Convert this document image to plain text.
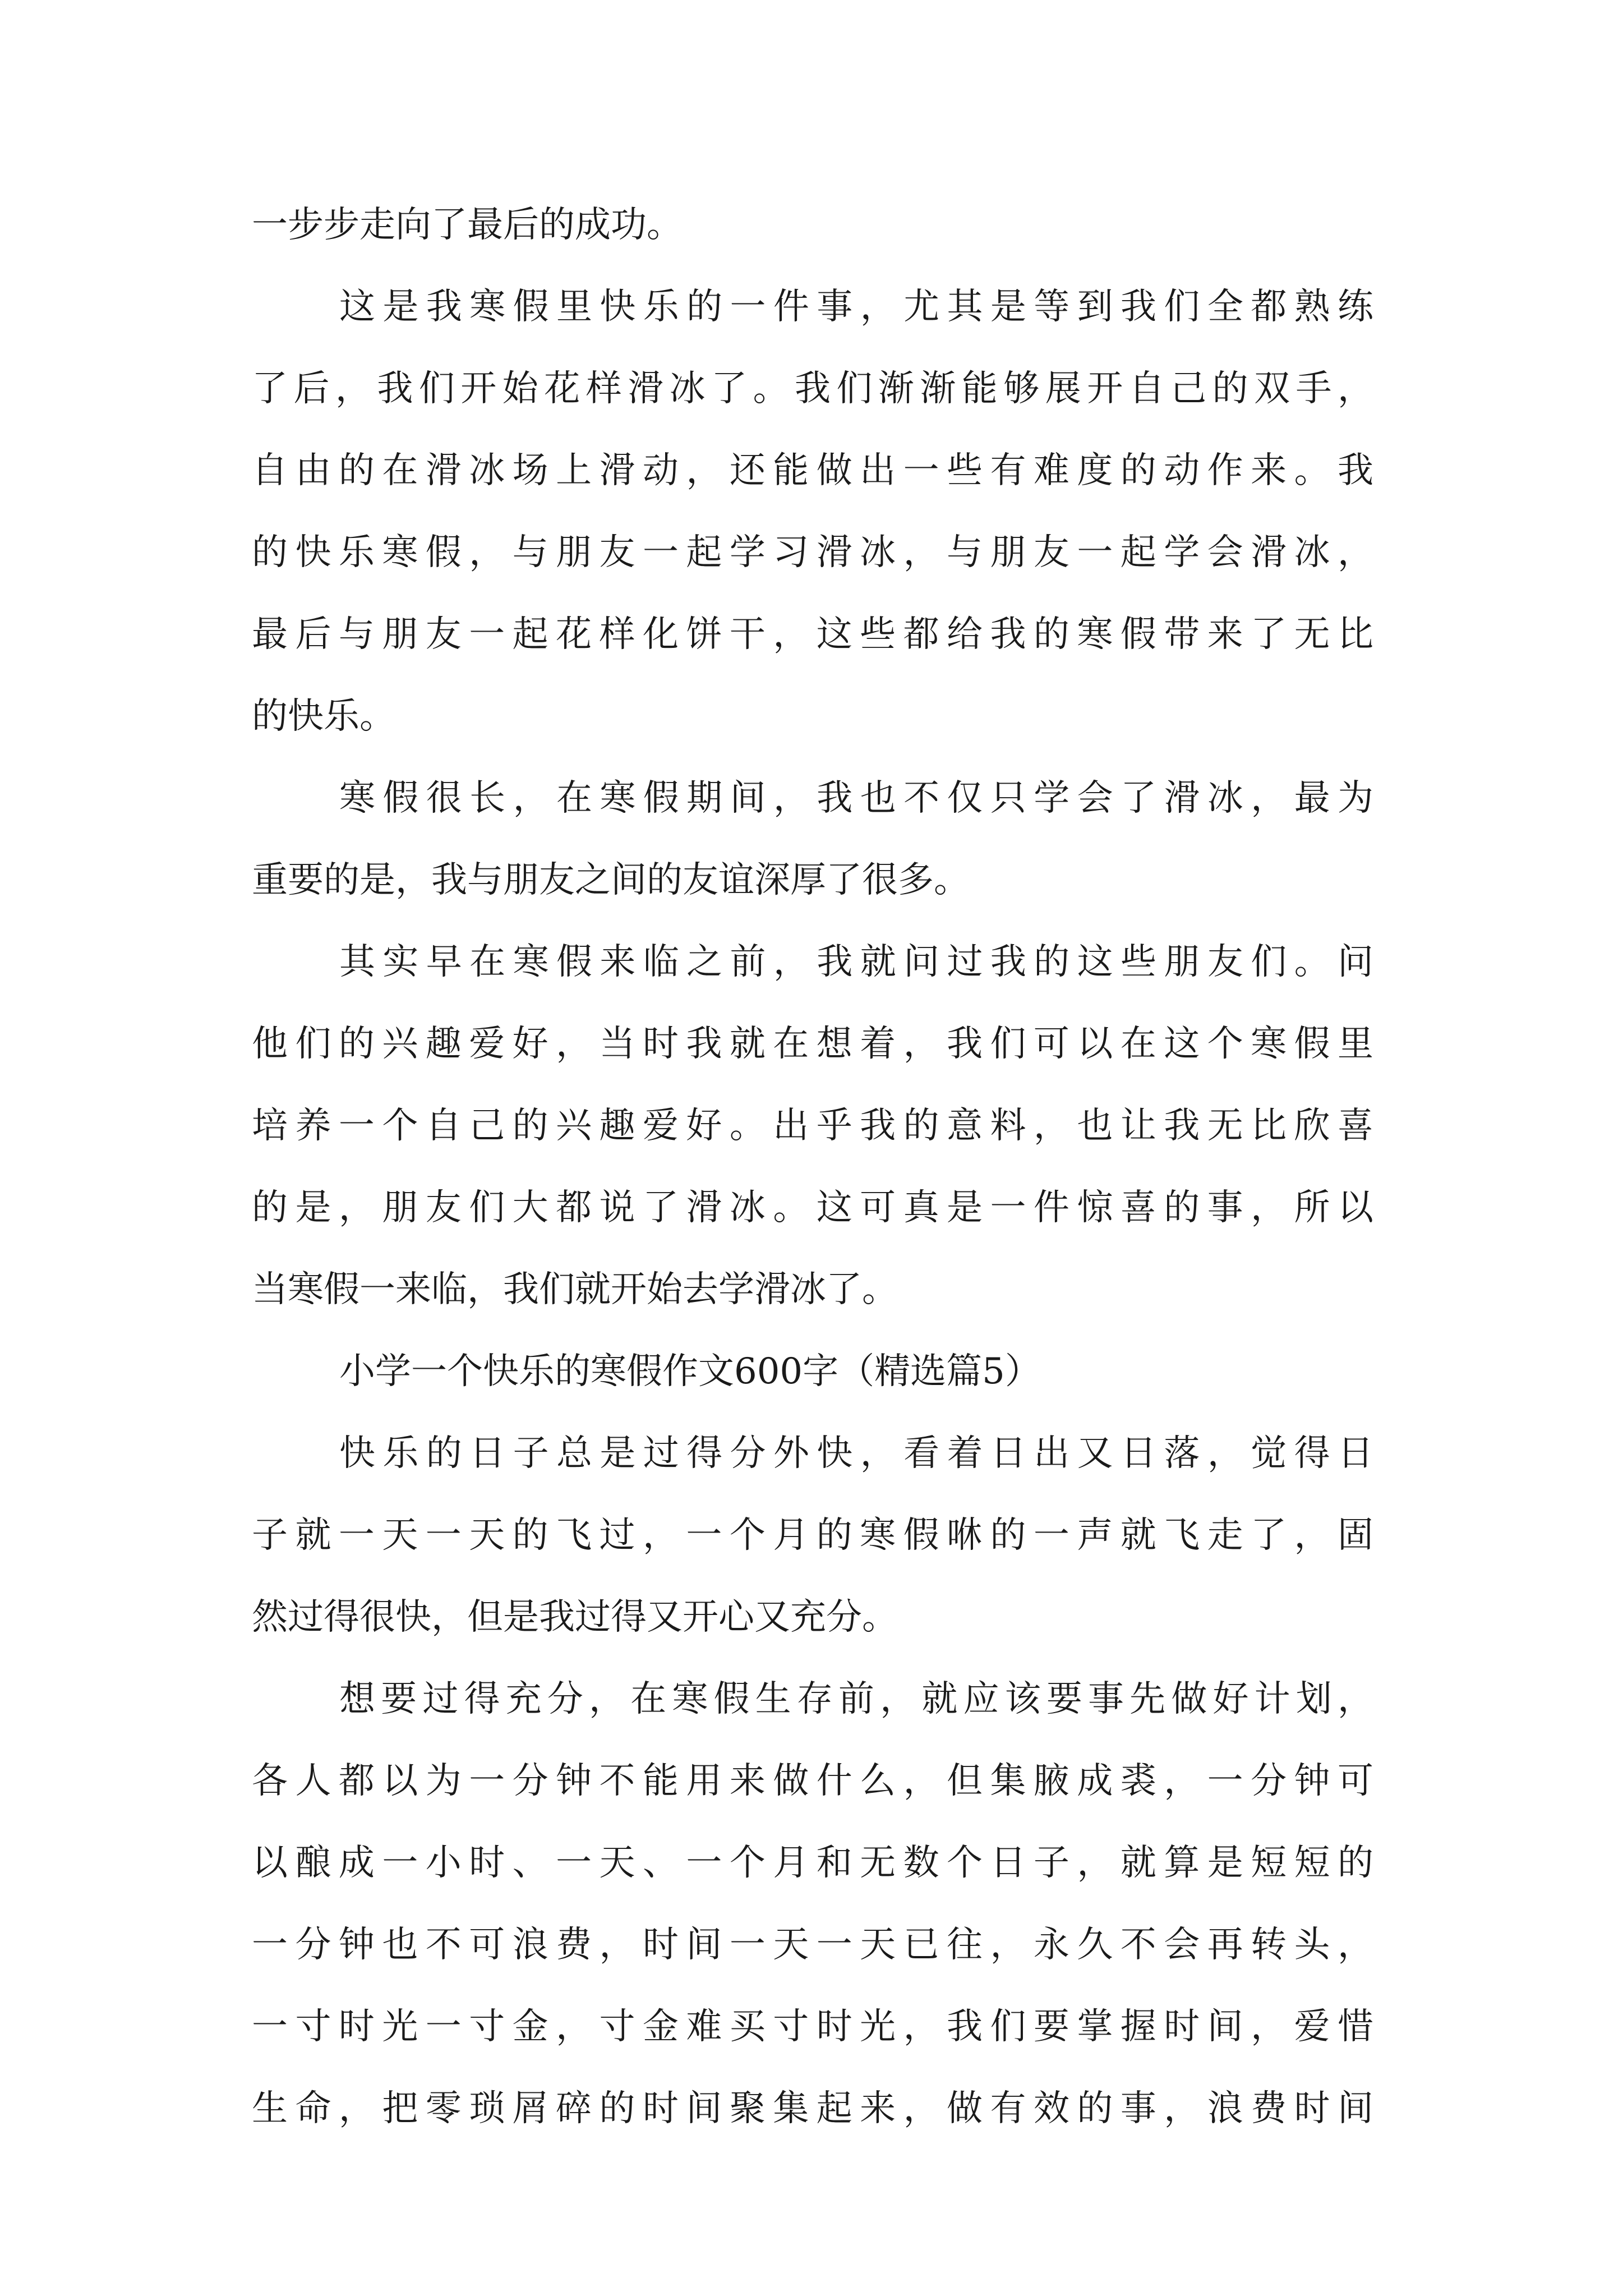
一步步走向了最后的成功。
这是我寒假里快乐的一件事，尤其是等到我们全都熟练
了后，我们开始花样滑冰了。我们渐渐能够展开自己的双手，
自由的在滑冰场上滑动，还能做出一些有难度的动作来。我
的快乐寒假，与朋友一起学习滑冰，与朋友一起学会滑冰，
最后与朋友一起花样化饼干，这些都给我的寒假带来了无比
的快乐。
寒假很长，在寒假期间，我也不仅只学会了滑冰，最为
重要的是，我与朋友之间的友谊深厚了很多。
其实早在寒假来临之前，我就问过我的这些朋友们。问
他们的兴趣爱好，当时我就在想着，我们可以在这个寒假里
培养一个自己的兴趣爱好。出乎我的意料，也让我无比欣喜
的是，朋友们大都说了滑冰。这可真是一件惊喜的事，所以
当寒假一来临，我们就开始去学滑冰了。
小学一个快乐的寒假作文600字（精选篇5）
快乐的日子总是过得分外快，看着日出又日落，觉得日
子就一天一天的飞过，一个月的寒假咻的一声就飞走了，固
然过得很快，但是我过得又开心又充分。
想要过得充分，在寒假生存前，就应该要事先做好计划，
各人都以为一分钟不能用来做什么，但集腋成裘，一分钟可
以酿成一小时、一天、一个月和无数个日子，就算是短短的
一分钟也不可浪费，时间一天一天已往，永久不会再转头，
一寸时光一寸金，寸金难买寸时光，我们要掌握时间，爱惜
生命，把零琐屑碎的时间聚集起来，做有效的事，浪费时间
